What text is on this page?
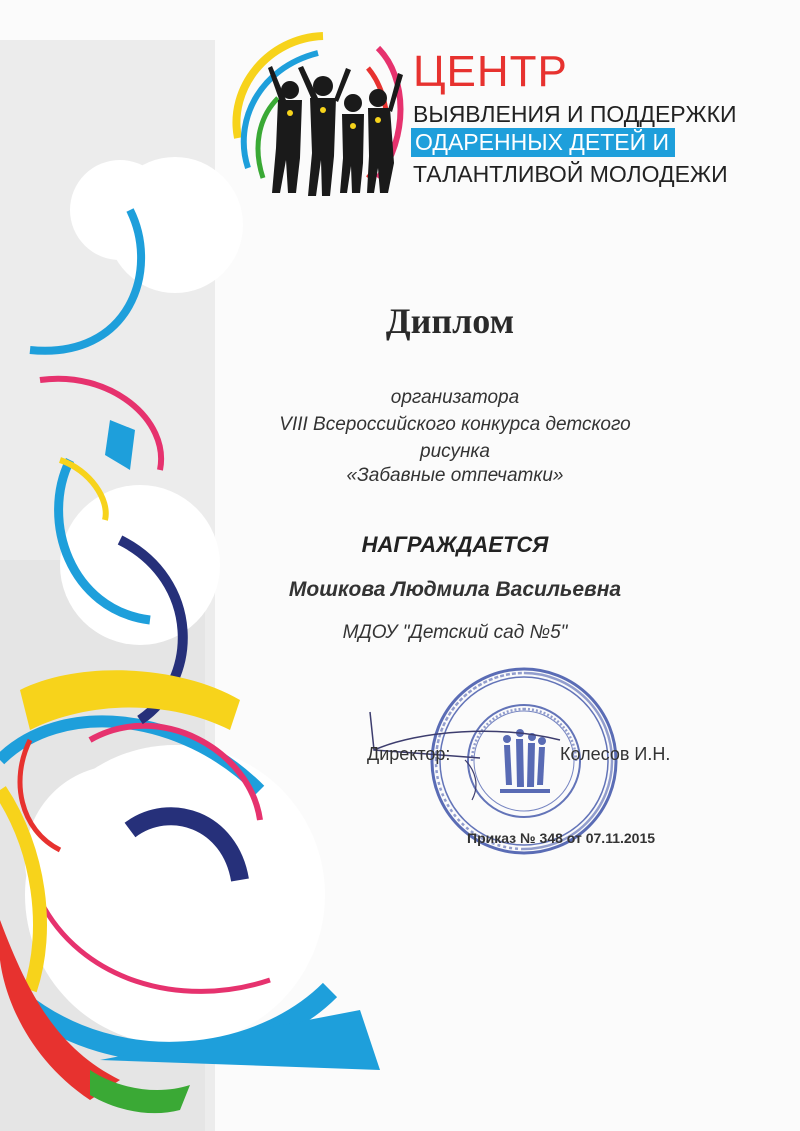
ЦЕНТР
ВЫЯВЛЕНИЯ И ПОДДЕРЖКИ
ОДАРЕННЫХ ДЕТЕЙ И
ТАЛАНТЛИВОЙ МОЛОДЕЖИ
Диплом
организатора
VIII Всероссийского конкурса детского
рисунка
«Забавные отпечатки»
НАГРАЖДАЕТСЯ
Мошкова Людмила Васильевна
МДОУ "Детский сад №5"
Директор:	Колесов И.Н.
Приказ № 348 от 07.11.2015
